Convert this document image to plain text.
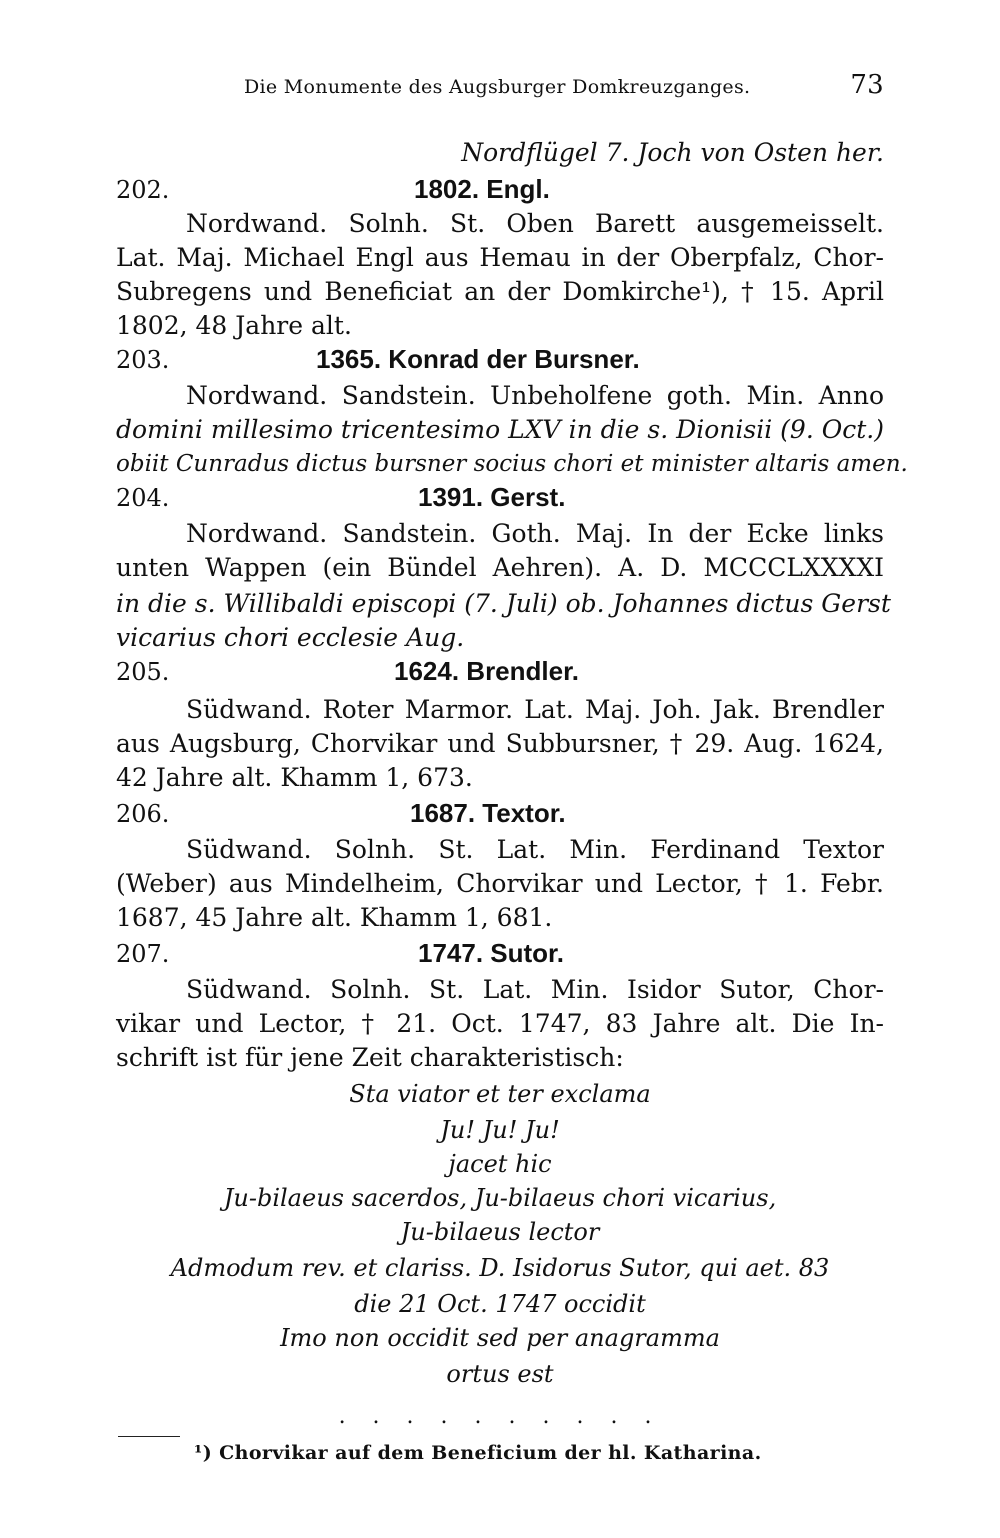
Die Monumente des Augsburger Domkreuzganges.	73
Nordflügel 7. Joch von Osten her.
202.	1802. Engl.
Nordwand. Solnh. St. Oben Barett ausgemeisselt.
Lat. Maj. Michael Engl aus Hemau in der Oberpfalz, Chor-
Subregens und Beneficiat an der Domkirche¹), † 15. April
1802, 48 Jahre alt.
203.	1365. Konrad der Bursner.
Nordwand. Sandstein. Unbeholfene goth. Min. Anno
domini millesimo tricentesimo LXV in die s. Dionisii (9. Oct.)
obiit Cunradus dictus bursner socius chori et minister altaris amen.
204.	1391. Gerst.
Nordwand. Sandstein. Goth. Maj. In der Ecke links
unten Wappen (ein Bündel Aehren). A. D. MCCCLXXXXI
in die s. Willibaldi episcopi (7. Juli) ob. Johannes dictus Gerst
vicarius chori ecclesie Aug.
205.	1624. Brendler.
Südwand. Roter Marmor. Lat. Maj. Joh. Jak. Brendler
aus Augsburg, Chorvikar und Subbursner, † 29. Aug. 1624,
42 Jahre alt. Khamm 1, 673.
206.	1687. Textor.
Südwand. Solnh. St. Lat. Min. Ferdinand Textor
(Weber) aus Mindelheim, Chorvikar und Lector, † 1. Febr.
1687, 45 Jahre alt. Khamm 1, 681.
207.	1747. Sutor.
Südwand. Solnh. St. Lat. Min. Isidor Sutor, Chor-
vikar und Lector, † 21. Oct. 1747, 83 Jahre alt. Die In-
schrift ist für jene Zeit charakteristisch:
Sta viator et ter exclama
Ju! Ju! Ju!
jacet hic
Ju-bilaeus sacerdos, Ju-bilaeus chori vicarius,
Ju-bilaeus lector
Admodum rev. et clariss. D. Isidorus Sutor, qui aet. 83
die 21 Oct. 1747 occidit
Imo non occidit sed per anagramma
ortus est
. . . . . . . . . .
¹) Chorvikar auf dem Beneficium der hl. Katharina.
